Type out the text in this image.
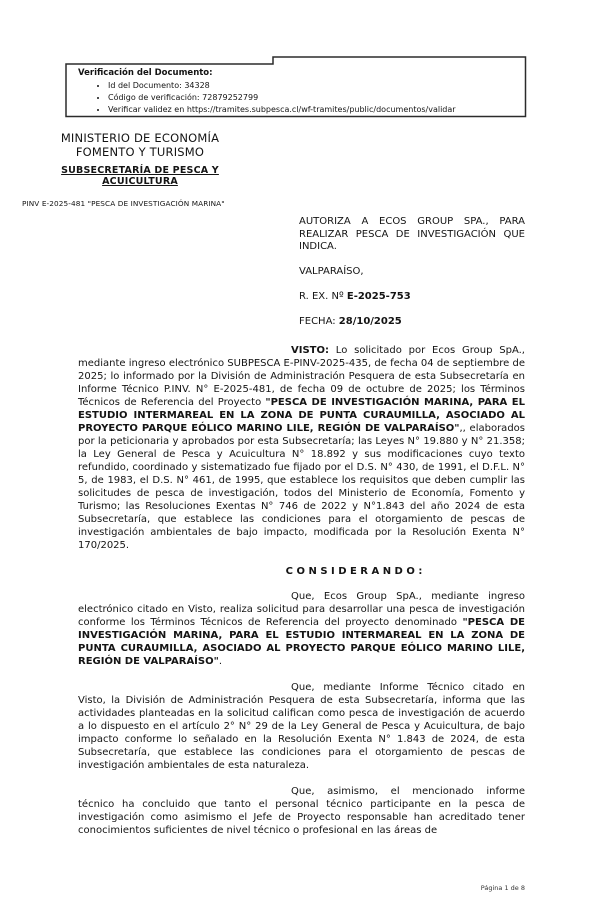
Verificación del Documento:
• Id del Documento: 34328
• Código de verificación: 72879252799
• Verificar validez en https://tramites.subpesca.cl/wf-tramites/public/documentos/validar
MINISTERIO DE ECONOMÍA
FOMENTO Y TURISMO
SUBSECRETARÍA DE PESCA Y ACUICULTURA
PINV E-2025-481 "PESCA DE INVESTIGACIÓN MARINA"
AUTORIZA A ECOS GROUP SPA., PARA REALIZAR PESCA DE INVESTIGACIÓN QUE INDICA.
VALPARAÍSO,
R. EX. Nº E-2025-753
FECHA: 28/10/2025

VISTO: Lo solicitado por Ecos Group SpA., mediante ingreso electrónico SUBPESCA E-PINV-2025-435, de fecha 04 de septiembre de 2025; lo informado por la División de Administración Pesquera de esta Subsecretaría en Informe Técnico P.INV. N° E-2025-481, de fecha 09 de octubre de 2025; los Términos Técnicos de Referencia del Proyecto "PESCA DE INVESTIGACIÓN MARINA, PARA EL ESTUDIO INTERMAREAL EN LA ZONA DE PUNTA CURAUMILLA, ASOCIADO AL PROYECTO PARQUE EÓLICO MARINO LILE, REGIÓN DE VALPARAÍSO",, elaborados por la peticionaria y aprobados por esta Subsecretaría; las Leyes N° 19.880 y N° 21.358; la Ley General de Pesca y Acuicultura N° 18.892 y sus modificaciones cuyo texto refundido, coordinado y sistematizado fue fijado por el D.S. N° 430, de 1991, el D.F.L. N° 5, de 1983, el D.S. N° 461, de 1995, que establece los requisitos que deben cumplir las solicitudes de pesca de investigación, todos del Ministerio de Economía, Fomento y Turismo; las Resoluciones Exentas N° 746 de 2022 y N°1.843 del año 2024 de esta Subsecretaría, que establece las condiciones para el otorgamiento de pescas de investigación ambientales de bajo impacto, modificada por la Resolución Exenta N° 170/2025.

C O N S I D E R A N D O :

Que, Ecos Group SpA., mediante ingreso electrónico citado en Visto, realiza solicitud para desarrollar una pesca de investigación conforme los Términos Técnicos de Referencia del proyecto denominado "PESCA DE INVESTIGACIÓN MARINA, PARA EL ESTUDIO INTERMAREAL EN LA ZONA DE PUNTA CURAUMILLA, ASOCIADO AL PROYECTO PARQUE EÓLICO MARINO LILE, REGIÓN DE VALPARAÍSO".

Que, mediante Informe Técnico citado en Visto, la División de Administración Pesquera de esta Subsecretaría, informa que las actividades planteadas en la solicitud califican como pesca de investigación de acuerdo a lo dispuesto en el artículo 2° N° 29 de la Ley General de Pesca y Acuicultura, de bajo impacto conforme lo señalado en la Resolución Exenta N° 1.843 de 2024, de esta Subsecretaría, que establece las condiciones para el otorgamiento de pescas de investigación ambientales de esta naturaleza.

Que, asimismo, el mencionado informe técnico ha concluido que tanto el personal técnico participante en la pesca de investigación como asimismo el Jefe de Proyecto responsable han acreditado tener conocimientos suficientes de nivel técnico o profesional en las áreas de

Página 1 de 8
